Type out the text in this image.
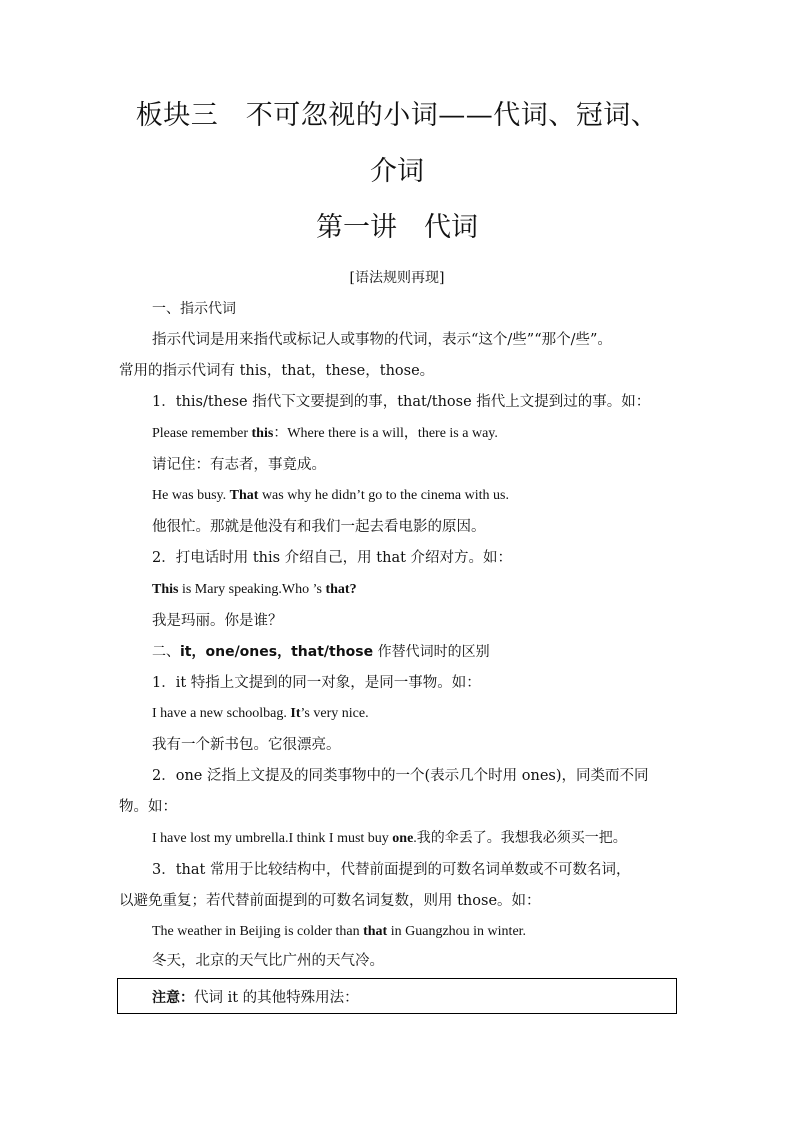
板块三　不可忽视的小词——代词、冠词、
介词
第一讲　代词
[语法规则再现]
一、指示代词
指示代词是用来指代或标记人或事物的代词，表示“这个/些”“那个/些”。
常用的指示代词有 this，that，these，those。
1．this/these 指代下文要提到的事，that/those 指代上文提到过的事。如：
Please remember this：Where there is a will，there is a way.
请记住：有志者，事竟成。
He was busy. That was why he didn’t go to the cinema with us.
他很忙。那就是他没有和我们一起去看电影的原因。
2．打电话时用 this 介绍自己，用 that 介绍对方。如：
This is Mary speaking.Who ’s that?
我是玛丽。你是谁？
二、it，one/ones，that/those 作替代词时的区别
1．it 特指上文提到的同一对象，是同一事物。如：
I have a new schoolbag. It’s very nice.
我有一个新书包。它很漂亮。
2．one 泛指上文提及的同类事物中的一个(表示几个时用 ones)，同类而不同
物。如：
I have lost my umbrella.I think I must buy one.我的伞丢了。我想我必须买一把。
3．that 常用于比较结构中，代替前面提到的可数名词单数或不可数名词，
以避免重复；若代替前面提到的可数名词复数，则用 those。如：
The weather in Beijing is colder than that in Guangzhou in winter.
冬天，北京的天气比广州的天气冷。
注意：代词 it 的其他特殊用法：
